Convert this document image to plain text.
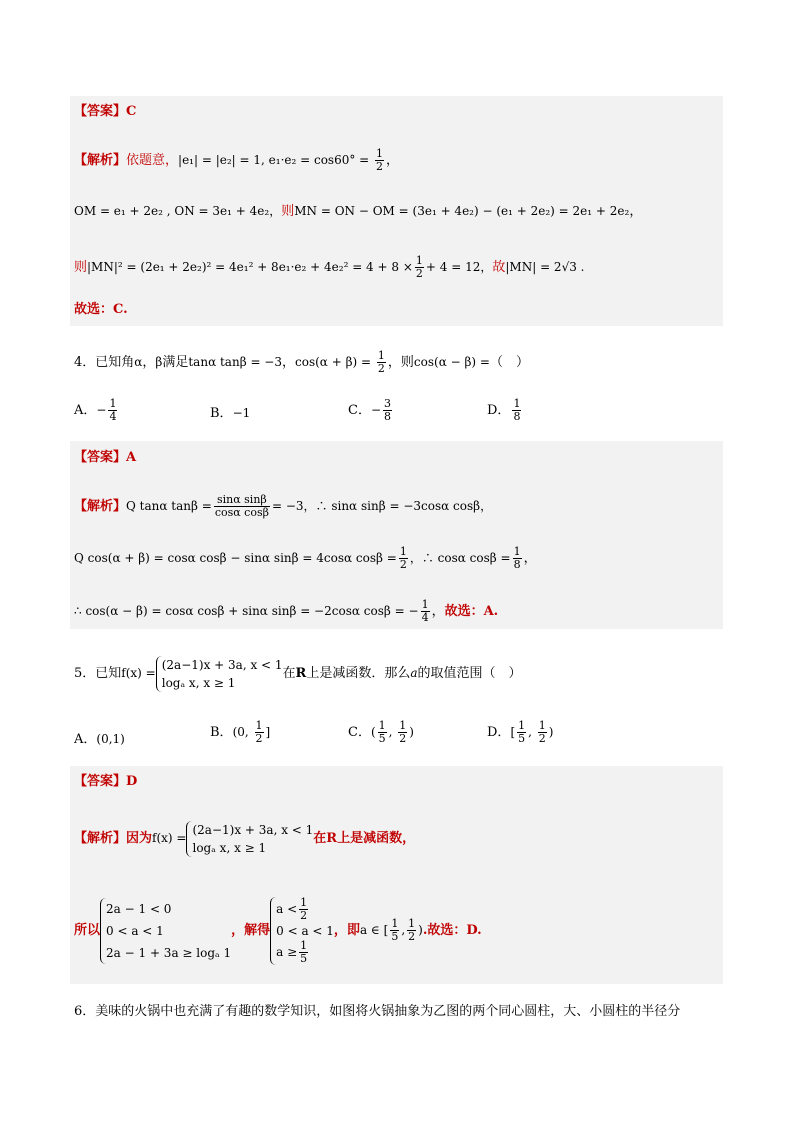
【答案】C
【解析】依题意，|e₁| = |e₂| = 1, $e_1\cdot e_2 = \cos 60^\circ = \frac{1}{2}$ ，
OM = e₁ + 2e₂ , ON = 3e₁ + 4e₂，则MN = ON − OM = (3e₁ + 4e₂) − (e₁ + 2e₂) = 2e₁ + 2e₂，
则$|MN|^2 = (2e_1 + 2e_2)^2 = 4e_1^2 + 8e_1\cdot e_2 + 4e_2^2 = 4 + 8 \times \frac{1}{2} + 4 = 12$，故|MN| = 2√3 .
故选：C.
4．已知角α，β满足tanα tanβ = −3，$\cos(\alpha + \beta) = \frac{1}{2}$ ，则cos(α − β) =（　）
A．− $\frac{1}{4}$	B．−1	C．− $\frac{3}{8}$	D． $\frac{1}{8}$
【答案】A
【解析】Q tanα $\tan\beta = \frac{\text{sinα sinβ}}{\text{cosα cosβ}} = -3$，∴ sinα sinβ = −3cosα cosβ，
Q cos(α + β) = cosα cosβ − sinα sinβ = 4cosα $\cos\beta = \frac{1}{2}$ ，∴ cosα $\cos\beta = \frac{1}{8}$ ，
∴ cos(α − β) = cosα cosβ + sinα sinβ = −2cosα cosβ = − $\frac{1}{4}$ ，故选：A.
5．已知f(x) =
(2a−1)x + 3a, x < 1
logₐ x, x ≥ 1
在R上是减函数．那么a的取值范围（　）
A．(0,1)	B．(0, $\frac{1}{2}$ ]	C．( $\frac{1}{5}$ , $\frac{1}{2}$ )	D．[ $\frac{1}{5}$ , $\frac{1}{2}$ )
【答案】D
【解析】因为f(x) =
(2a−1)x + 3a, x < 1
logₐ x, x ≥ 1
在R上是减函数，
所以
2a − 1 < 0
0 < a < 1
2a − 1 + 3a ≥ logₐ 1
，解得
$a < \frac{1}{2}$
0 < a < 1
$a \ge \frac{1}{5}$
，即a ∈ [ $\frac{1}{5}$ , $\frac{1}{2}$ ).故选：D.
6．美味的火锅中也充满了有趣的数学知识，如图将火锅抽象为乙图的两个同心圆柱，大、小圆柱的半径分
